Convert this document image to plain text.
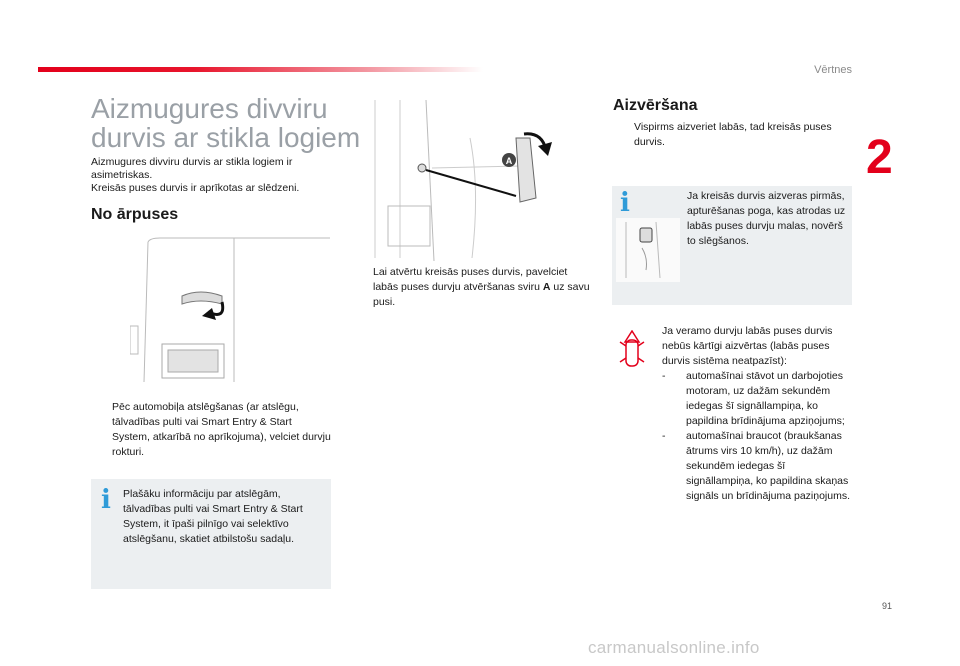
Vērtnes
2
Aizmugures divviru
durvis ar stikla logiem
Aizmugures divviru durvis ar stikla logiem ir asimetriskas.
Kreisās puses durvis ir aprīkotas ar slēdzeni.
No ārpuses
Pēc automobiļa atslēgšanas (ar atslēgu, tālvadības pulti vai Smart Entry & Start System, atkarībā no aprīkojuma), velciet durvju rokturi.
i Plašāku informāciju par atslēgām, tālvadības pulti vai Smart Entry & Start System, it īpaši pilnīgo vai selektīvo atslēgšanu, skatiet atbilstošu sadaļu.
A
Lai atvērtu kreisās puses durvis, pavelciet labās puses durvju atvēršanas sviru A uz savu pusi.
Aizvēršana
Vispirms aizveriet labās, tad kreisās puses durvis.
i	Ja kreisās durvis aizveras pirmās, apturēšanas poga, kas atrodas uz labās puses durvju malas, novērš to slēgšanos.
Ja veramo durvju labās puses durvis nebūs kārtīgi aizvērtas (labās puses durvis sistēma neatpazīst):
- automašīnai stāvot un darbojoties motoram, uz dažām sekundēm iedegas šī signāllampiņa, ko papildina brīdinājuma apziņojums;
- automašīnai braucot (braukšanas ātrums virs 10 km/h), uz dažām sekundēm iedegas šī signāllampiņa, ko papildina skaņas signāls un brīdinājuma paziņojums.
91
carmanualsonline.info
